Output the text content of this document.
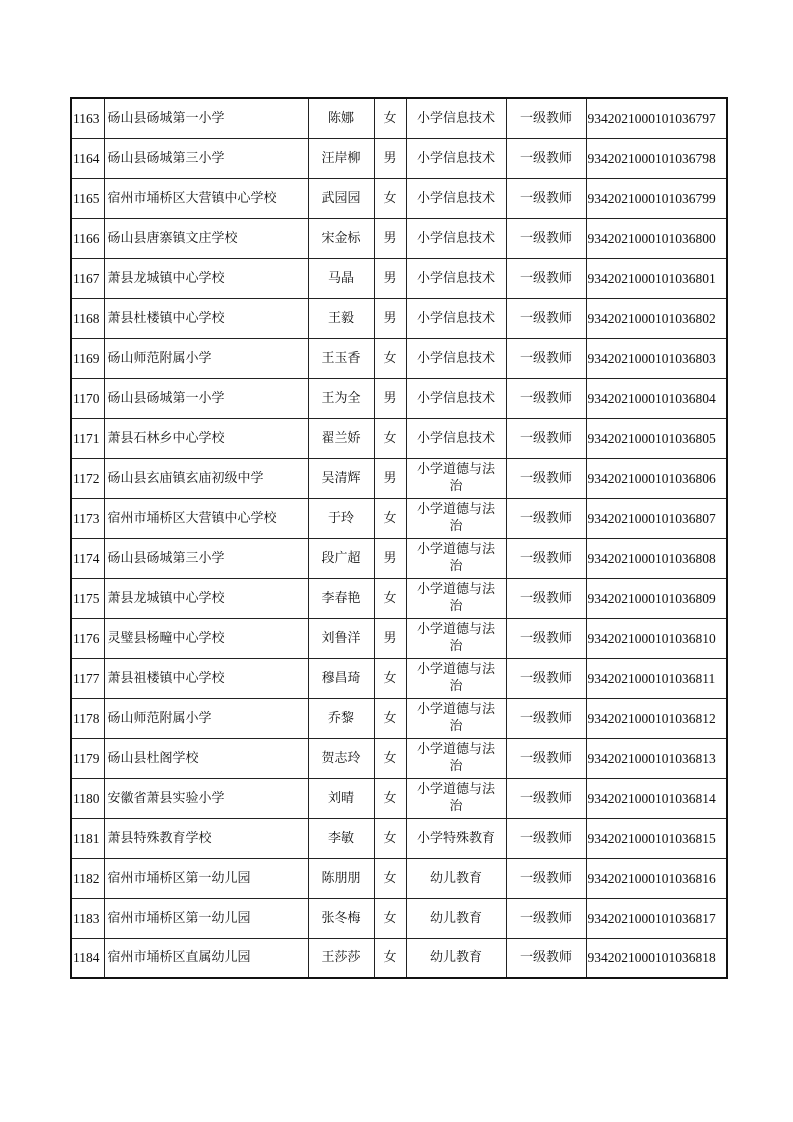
1163	砀山县砀城第一小学	陈娜	女	小学信息技术	一级教师	9342021000101036797
1164	砀山县砀城第三小学	汪岸柳	男	小学信息技术	一级教师	9342021000101036798
1165	宿州市埇桥区大营镇中心学校	武园园	女	小学信息技术	一级教师	9342021000101036799
1166	砀山县唐寨镇文庄学校	宋金标	男	小学信息技术	一级教师	9342021000101036800
1167	萧县龙城镇中心学校	马晶	男	小学信息技术	一级教师	9342021000101036801
1168	萧县杜楼镇中心学校	王毅	男	小学信息技术	一级教师	9342021000101036802
1169	砀山师范附属小学	王玉香	女	小学信息技术	一级教师	9342021000101036803
1170	砀山县砀城第一小学	王为全	男	小学信息技术	一级教师	9342021000101036804
1171	萧县石林乡中心学校	翟兰娇	女	小学信息技术	一级教师	9342021000101036805
1172	砀山县玄庙镇玄庙初级中学	吴清辉	男	小学道德与法治	一级教师	9342021000101036806
1173	宿州市埇桥区大营镇中心学校	于玲	女	小学道德与法治	一级教师	9342021000101036807
1174	砀山县砀城第三小学	段广超	男	小学道德与法治	一级教师	9342021000101036808
1175	萧县龙城镇中心学校	李春艳	女	小学道德与法治	一级教师	9342021000101036809
1176	灵璧县杨疃中心学校	刘鲁洋	男	小学道德与法治	一级教师	9342021000101036810
1177	萧县祖楼镇中心学校	穆昌琦	女	小学道德与法治	一级教师	9342021000101036811
1178	砀山师范附属小学	乔黎	女	小学道德与法治	一级教师	9342021000101036812
1179	砀山县杜阁学校	贺志玲	女	小学道德与法治	一级教师	9342021000101036813
1180	安徽省萧县实验小学	刘晴	女	小学道德与法治	一级教师	9342021000101036814
1181	萧县特殊教育学校	李敏	女	小学特殊教育	一级教师	9342021000101036815
1182	宿州市埇桥区第一幼儿园	陈朋朋	女	幼儿教育	一级教师	9342021000101036816
1183	宿州市埇桥区第一幼儿园	张冬梅	女	幼儿教育	一级教师	9342021000101036817
1184	宿州市埇桥区直属幼儿园	王莎莎	女	幼儿教育	一级教师	9342021000101036818
